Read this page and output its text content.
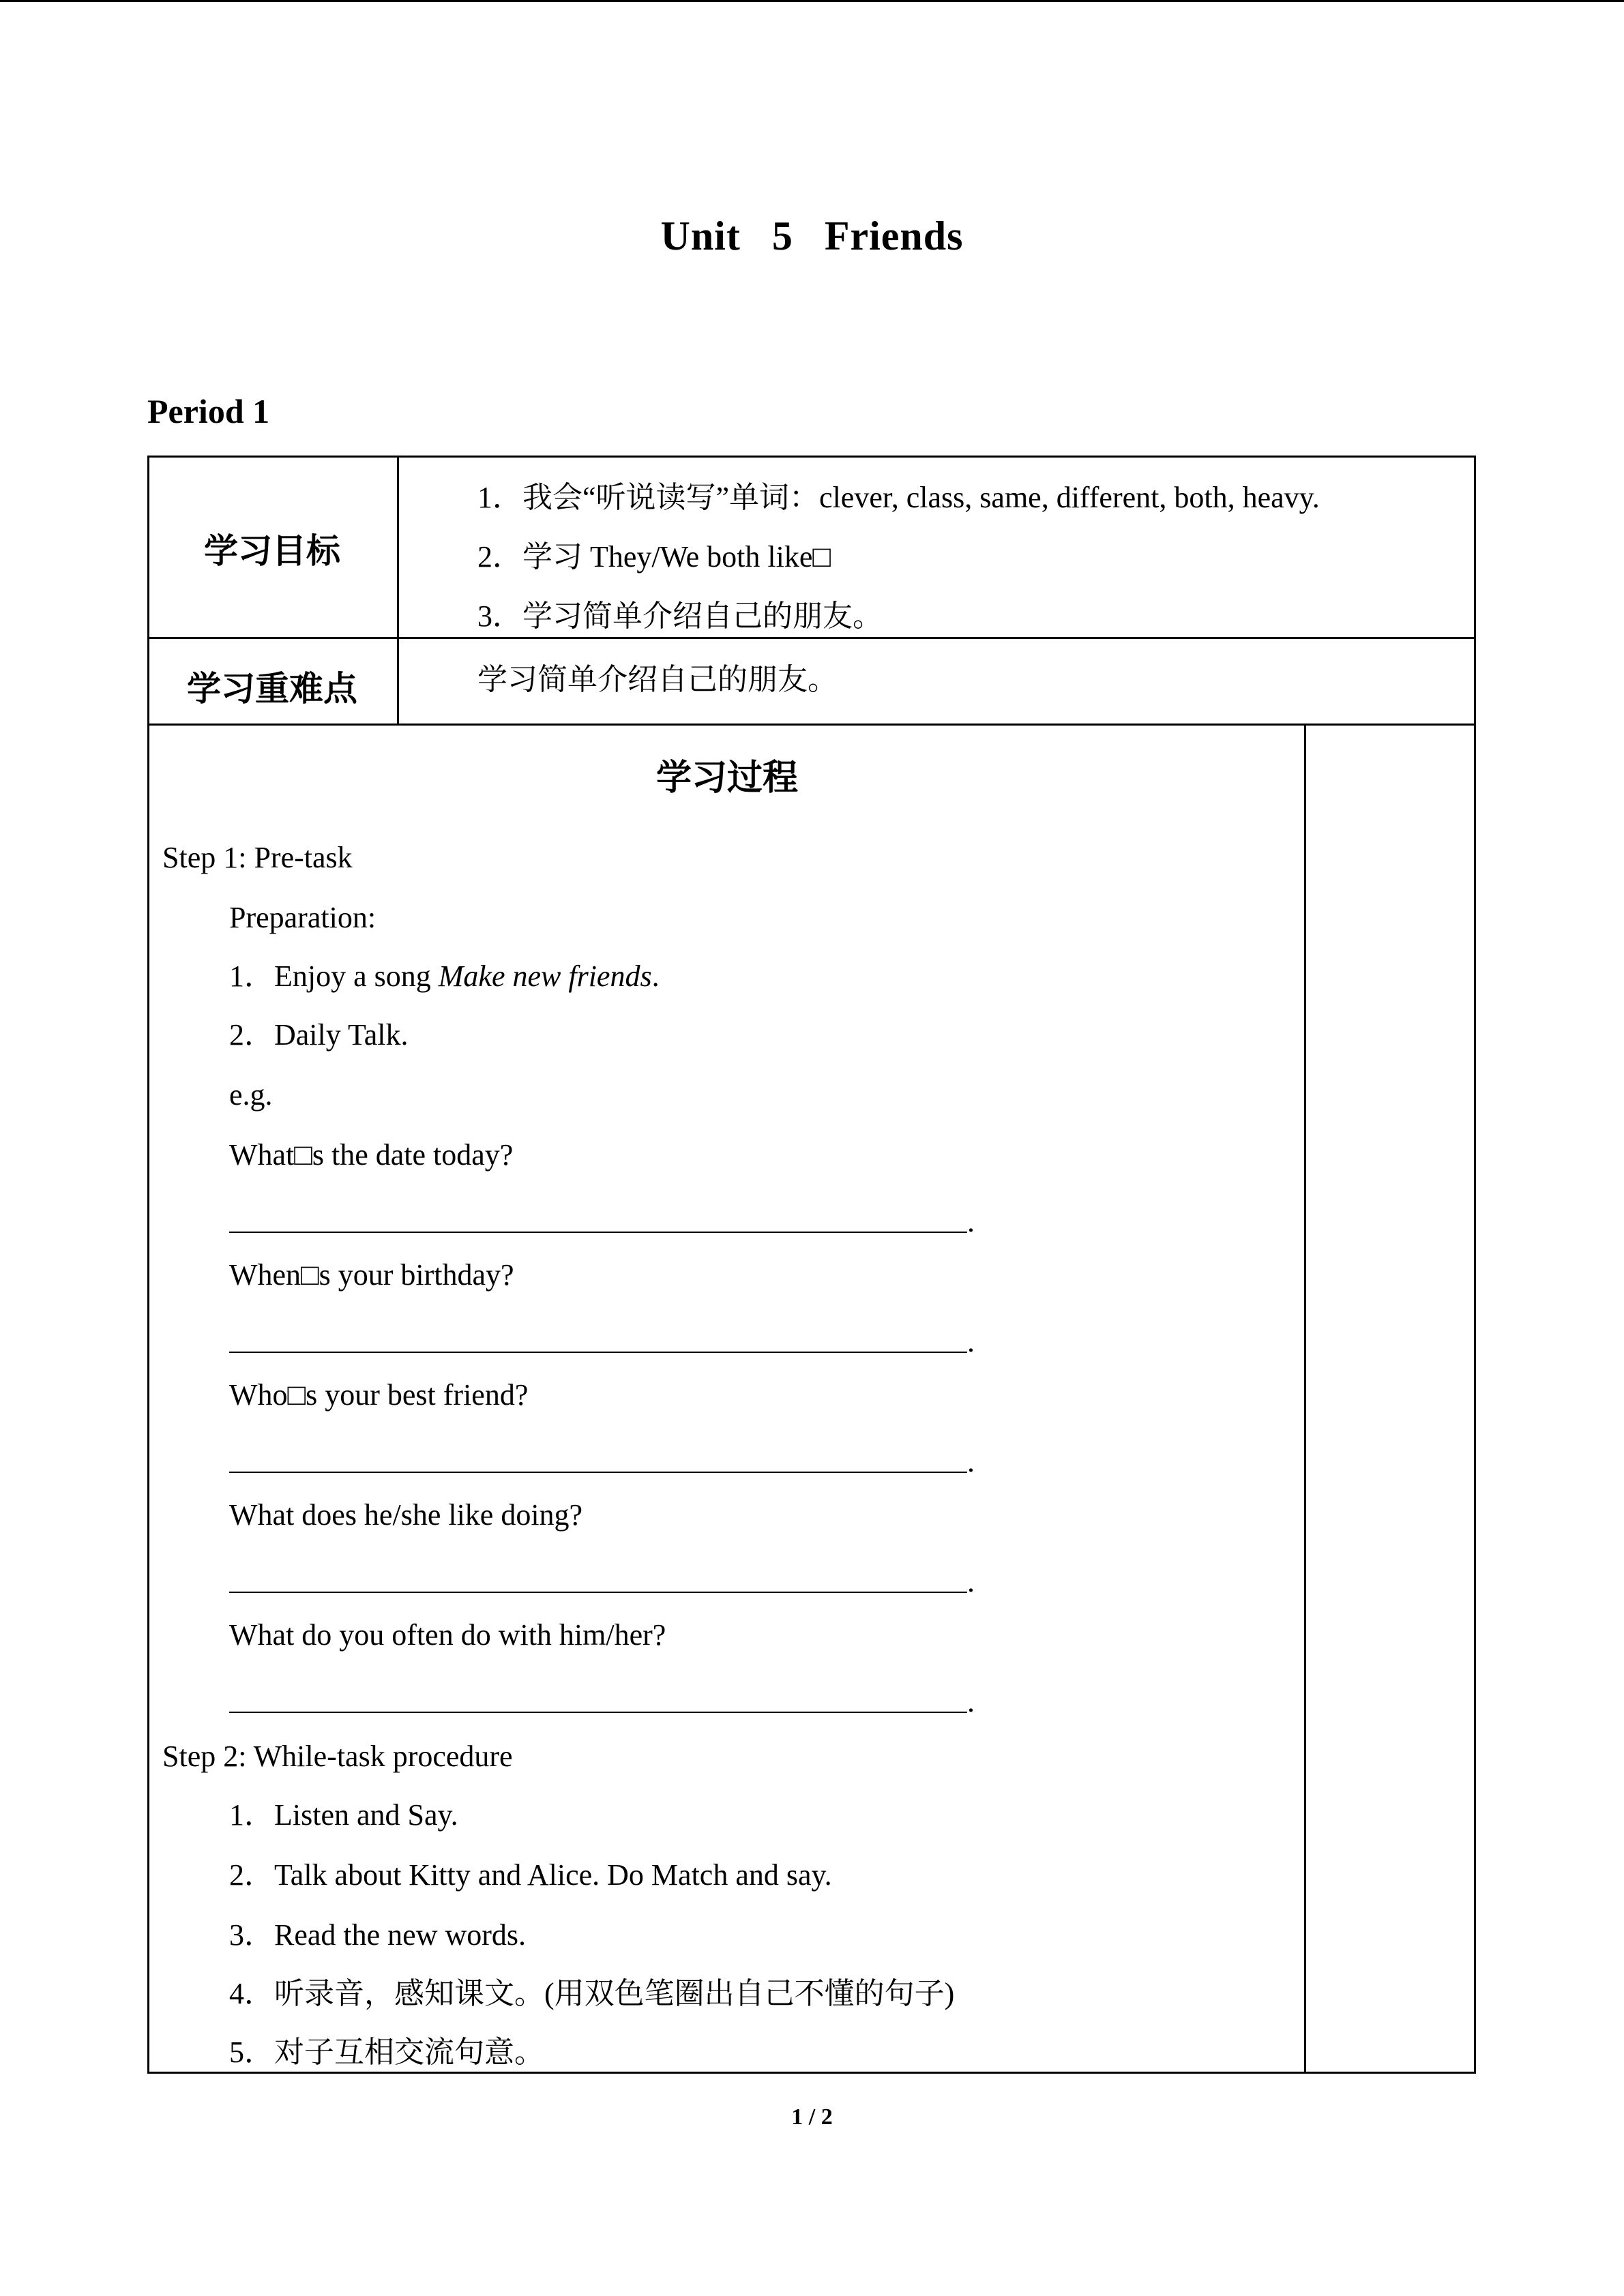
Unit 5 Friends
Period 1
学习目标
1．我会“听说读写”单词：clever, class, same, different, both, heavy.
2．学习 They/We both like□
3．学习简单介绍自己的朋友。
学习重难点	学习简单介绍自己的朋友。
学习过程
Step 1: Pre-task
Preparation:
1．Enjoy a song Make new friends.
2．Daily Talk.
e.g.
What□s the date today?
.
When□s your birthday?
.
Who□s your best friend?
.
What does he/she like doing?
.
What do you often do with him/her?
.
Step 2: While-task procedure
1．Listen and Say.
2．Talk about Kitty and Alice. Do Match and say.
3．Read the new words.
4．听录音，感知课文。(用双色笔圈出自己不懂的句子)
5．对子互相交流句意。
1 / 2
